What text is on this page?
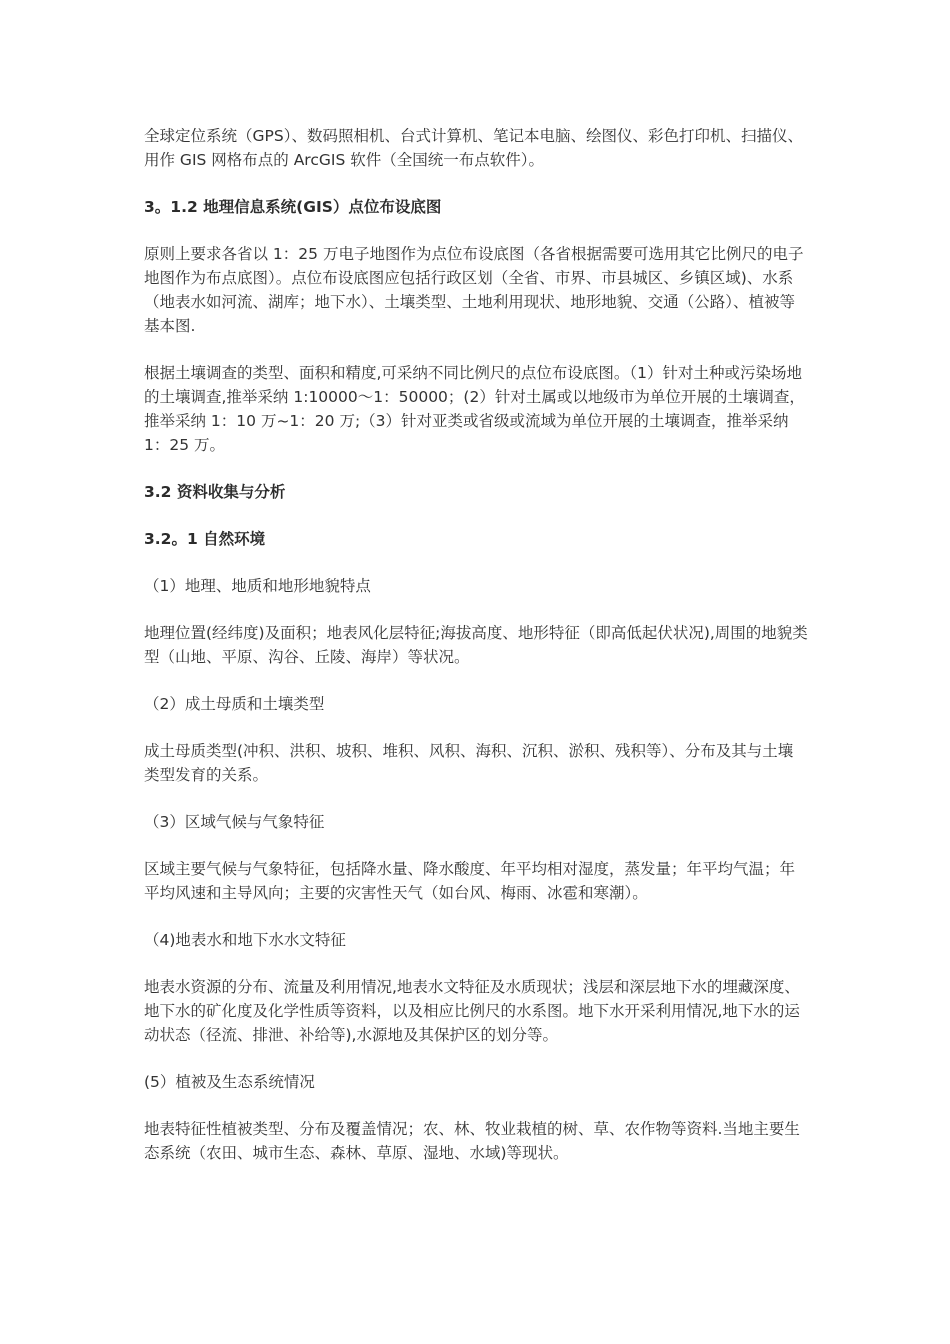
全球定位系统（GPS）、数码照相机、台式计算机、笔记本电脑、绘图仪、彩色打印机、扫描仪、用作 GIS 网格布点的 ArcGIS 软件（全国统一布点软件）。

3。1.2 地理信息系统(GIS）点位布设底图

原则上要求各省以 1：25 万电子地图作为点位布设底图（各省根据需要可选用其它比例尺的电子地图作为布点底图）。点位布设底图应包括行政区划（全省、市界、市县城区、乡镇区域)、水系（地表水如河流、湖库；地下水）、土壤类型、土地利用现状、地形地貌、交通（公路）、植被等基本图.

根据土壤调查的类型、面积和精度,可采纳不同比例尺的点位布设底图。（1）针对土种或污染场地的土壤调查,推举采纳 1:10000～1：50000；(2）针对土属或以地级市为单位开展的土壤调查，推举采纳 1：10 万~1：20 万;（3）针对亚类或省级或流域为单位开展的土壤调查，推举采纳 1：25 万。

3.2 资料收集与分析

3.2。1 自然环境

（1）地理、地质和地形地貌特点

地理位置(经纬度)及面积；地表风化层特征;海拔高度、地形特征（即高低起伏状况),周围的地貌类型（山地、平原、沟谷、丘陵、海岸）等状况。

（2）成土母质和土壤类型

成土母质类型(冲积、洪积、坡积、堆积、风积、海积、沉积、淤积、残积等）、分布及其与土壤类型发育的关系。

（3）区域气候与气象特征

区域主要气候与气象特征，包括降水量、降水酸度、年平均相对湿度，蒸发量；年平均气温；年平均风速和主导风向；主要的灾害性天气（如台风、梅雨、冰雹和寒潮）。

（4)地表水和地下水水文特征

地表水资源的分布、流量及利用情况,地表水文特征及水质现状；浅层和深层地下水的埋藏深度、地下水的矿化度及化学性质等资料，以及相应比例尺的水系图。地下水开采利用情况,地下水的运动状态（径流、排泄、补给等),水源地及其保护区的划分等。

(5）植被及生态系统情况

地表特征性植被类型、分布及覆盖情况；农、林、牧业栽植的树、草、农作物等资料.当地主要生态系统（农田、城市生态、森林、草原、湿地、水域)等现状。
